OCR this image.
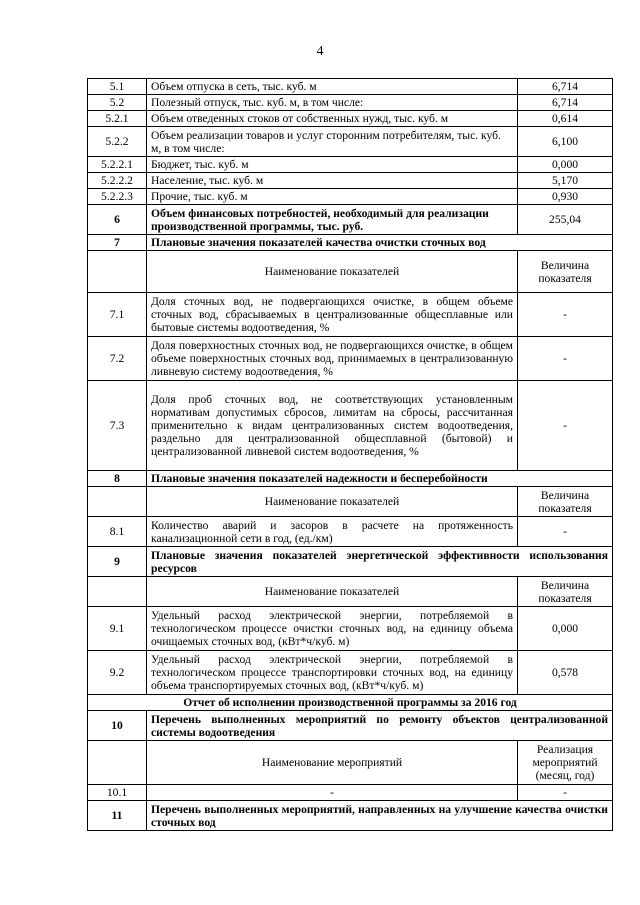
4
5.1	Объем отпуска в сеть, тыс. куб. м	6,714
5.2	Полезный отпуск, тыс. куб. м, в том числе:	6,714
5.2.1	Объем отведенных стоков от собственных нужд, тыс. куб. м	0,614
5.2.2	Объем реализации товаров и услуг сторонним потребителям, тыс. куб. м, в том числе:	6,100
5.2.2.1	Бюджет, тыс. куб. м	0,000
5.2.2.2	Население, тыс. куб. м	5,170
5.2.2.3	Прочие, тыс. куб. м	0,930
6	Объем финансовых потребностей, необходимый для реализации производственной программы, тыс. руб.	255,04
7	Плановые значения показателей качества очистки сточных вод	
	Наименование показателей	Величина показателя
7.1	Доля сточных вод, не подвергающихся очистке, в общем объеме сточных вод, сбрасываемых в централизованные общесплавные или бытовые системы водоотведения, %	-
7.2	Доля поверхностных сточных вод, не подвергающихся очистке, в общем объеме поверхностных сточных вод, принимаемых в централизованную ливневую систему водоотведения, %	-
7.3	Доля проб сточных вод, не соответствующих установленным нормативам допустимых сбросов, лимитам на сбросы, рассчитанная применительно к видам централизованных систем водоотведения, раздельно для централизованной общесплавной (бытовой) и централизованной ливневой систем водоотведения, %	-
8	Плановые значения показателей надежности и бесперебойности	
	Наименование показателей	Величина показателя
8.1	Количество аварий и засоров в расчете на протяженность канализационной сети в год, (ед./км)	-
9	Плановые значения показателей энергетической эффективности использования ресурсов	
	Наименование показателей	Величина показателя
9.1	Удельный расход электрической энергии, потребляемой в технологическом процессе очистки сточных вод, на единицу объема очищаемых сточных вод, (кВт*ч/куб. м)	0,000
9.2	Удельный расход электрической энергии, потребляемой в технологическом процессе транспортировки сточных вод, на единицу объема транспортируемых сточных вод, (кВт*ч/куб. м)	0,578
Отчет об исполнении производственной программы за 2016 год		
10	Перечень выполненных мероприятий по ремонту объектов централизованной системы водоотведения	
	Наименование мероприятий	Реализация мероприятий (месяц, год)
10.1	-	-
11	Перечень выполненных мероприятий, направленных на улучшение качества очистки сточных вод	
